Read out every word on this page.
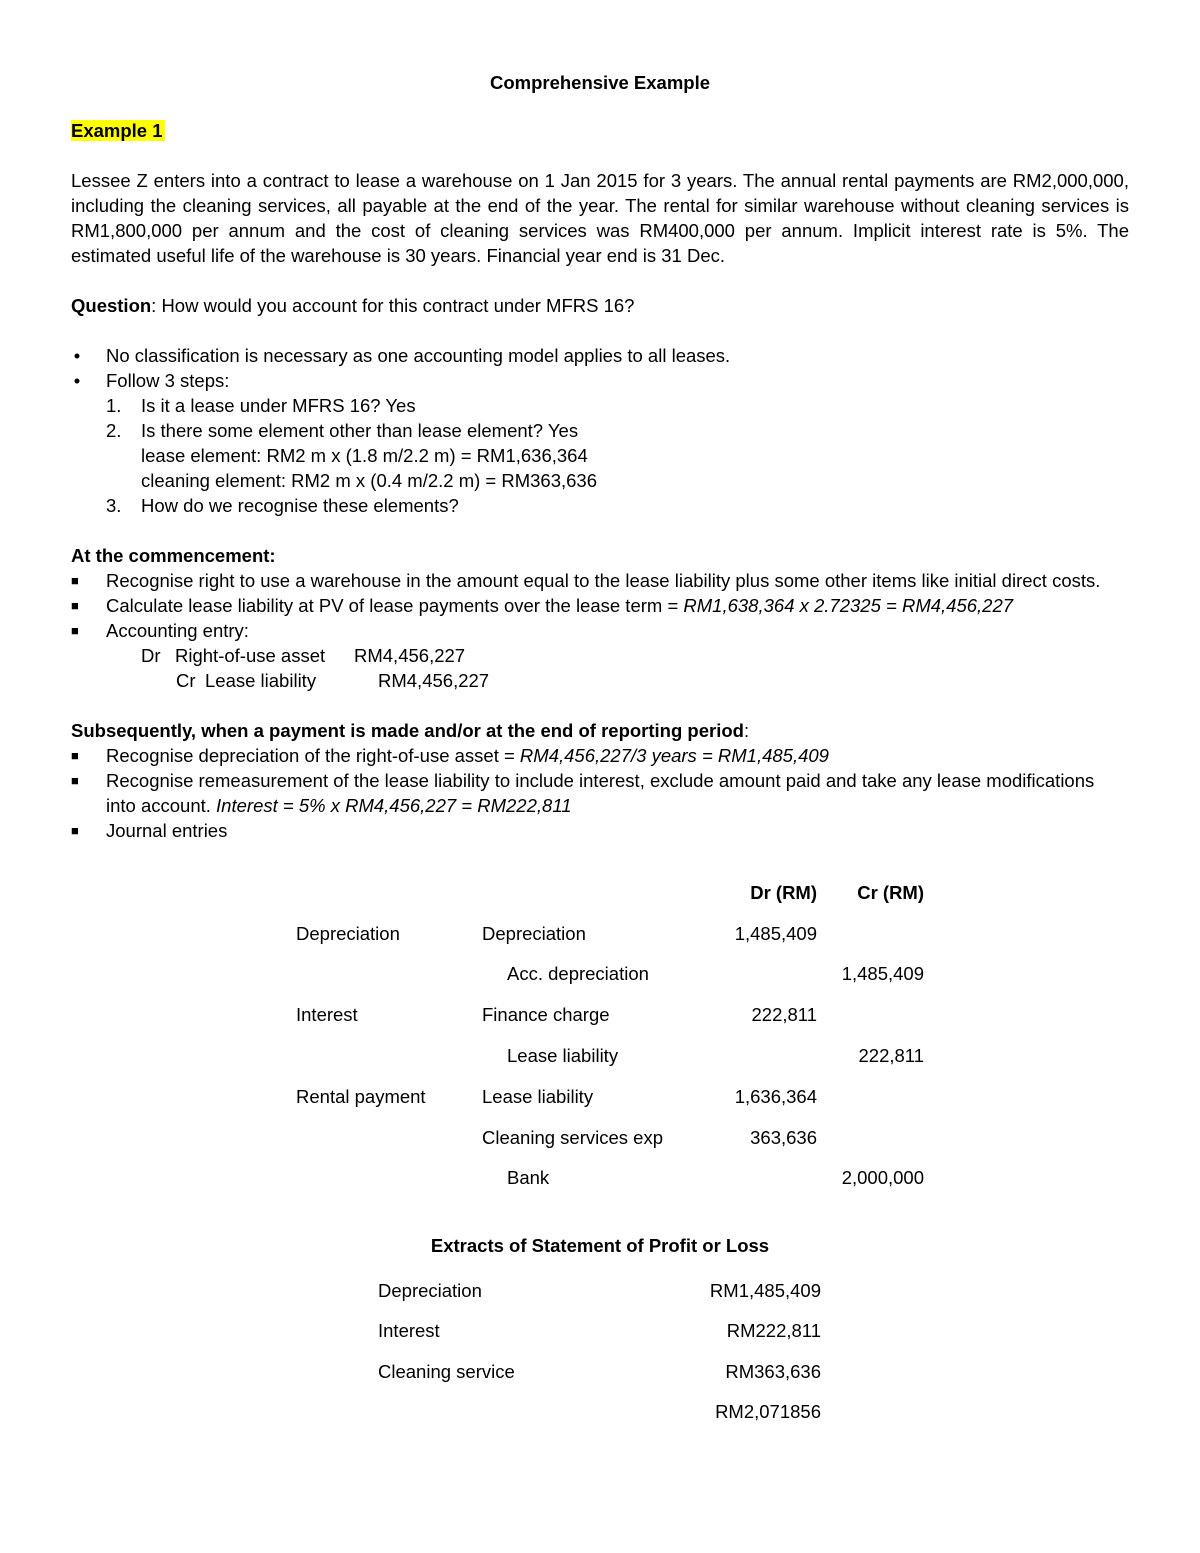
Comprehensive Example

Example 1
Lessee Z enters into a contract to lease a warehouse on 1 Jan 2015 for 3 years. The annual rental payments are RM2,000,000, including the cleaning services, all payable at the end of the year. The rental for similar warehouse without cleaning services is RM1,800,000 per annum and the cost of cleaning services was RM400,000 per annum. Implicit interest rate is 5%. The estimated useful life of the warehouse is 30 years. Financial year end is 31 Dec.
Question: How would you account for this contract under MFRS 16?
• No classification is necessary as one accounting model applies to all leases.
• Follow 3 steps:
1. Is it a lease under MFRS 16? Yes
2. Is there some element other than lease element? Yes
lease element: RM2 m x (1.8 m/2.2 m) = RM1,636,364
cleaning element: RM2 m x (0.4 m/2.2 m) = RM363,636
3. How do we recognise these elements?
At the commencement:
■ Recognise right to use a warehouse in the amount equal to the lease liability plus some other items like initial direct costs.
■ Calculate lease liability at PV of lease payments over the lease term = RM1,638,364 x 2.72325 = RM4,456,227
■ Accounting entry:
Dr Right-of-use asset RM4,456,227
Cr Lease liability	RM4,456,227
Subsequently, when a payment is made and/or at the end of reporting period:
■ Recognise depreciation of the right-of-use asset = RM4,456,227/3 years = RM1,485,409
■ Recognise remeasurement of the lease liability to include interest, exclude amount paid and take any lease modifications into account. Interest = 5% x RM4,456,227 = RM222,811
■ Journal entries
		Dr (RM)	Cr (RM)
Depreciation	Depreciation	1,485,409	
	Acc. depreciation		1,485,409
Interest	Finance charge	222,811	
	Lease liability		222,811
Rental payment	Lease liability	1,636,364	
	Cleaning services exp	363,636	
	Bank		2,000,000
Extracts of Statement of Profit or Loss
Depreciation	RM1,485,409
Interest	RM222,811
Cleaning service	RM363,636
	RM2,071856
